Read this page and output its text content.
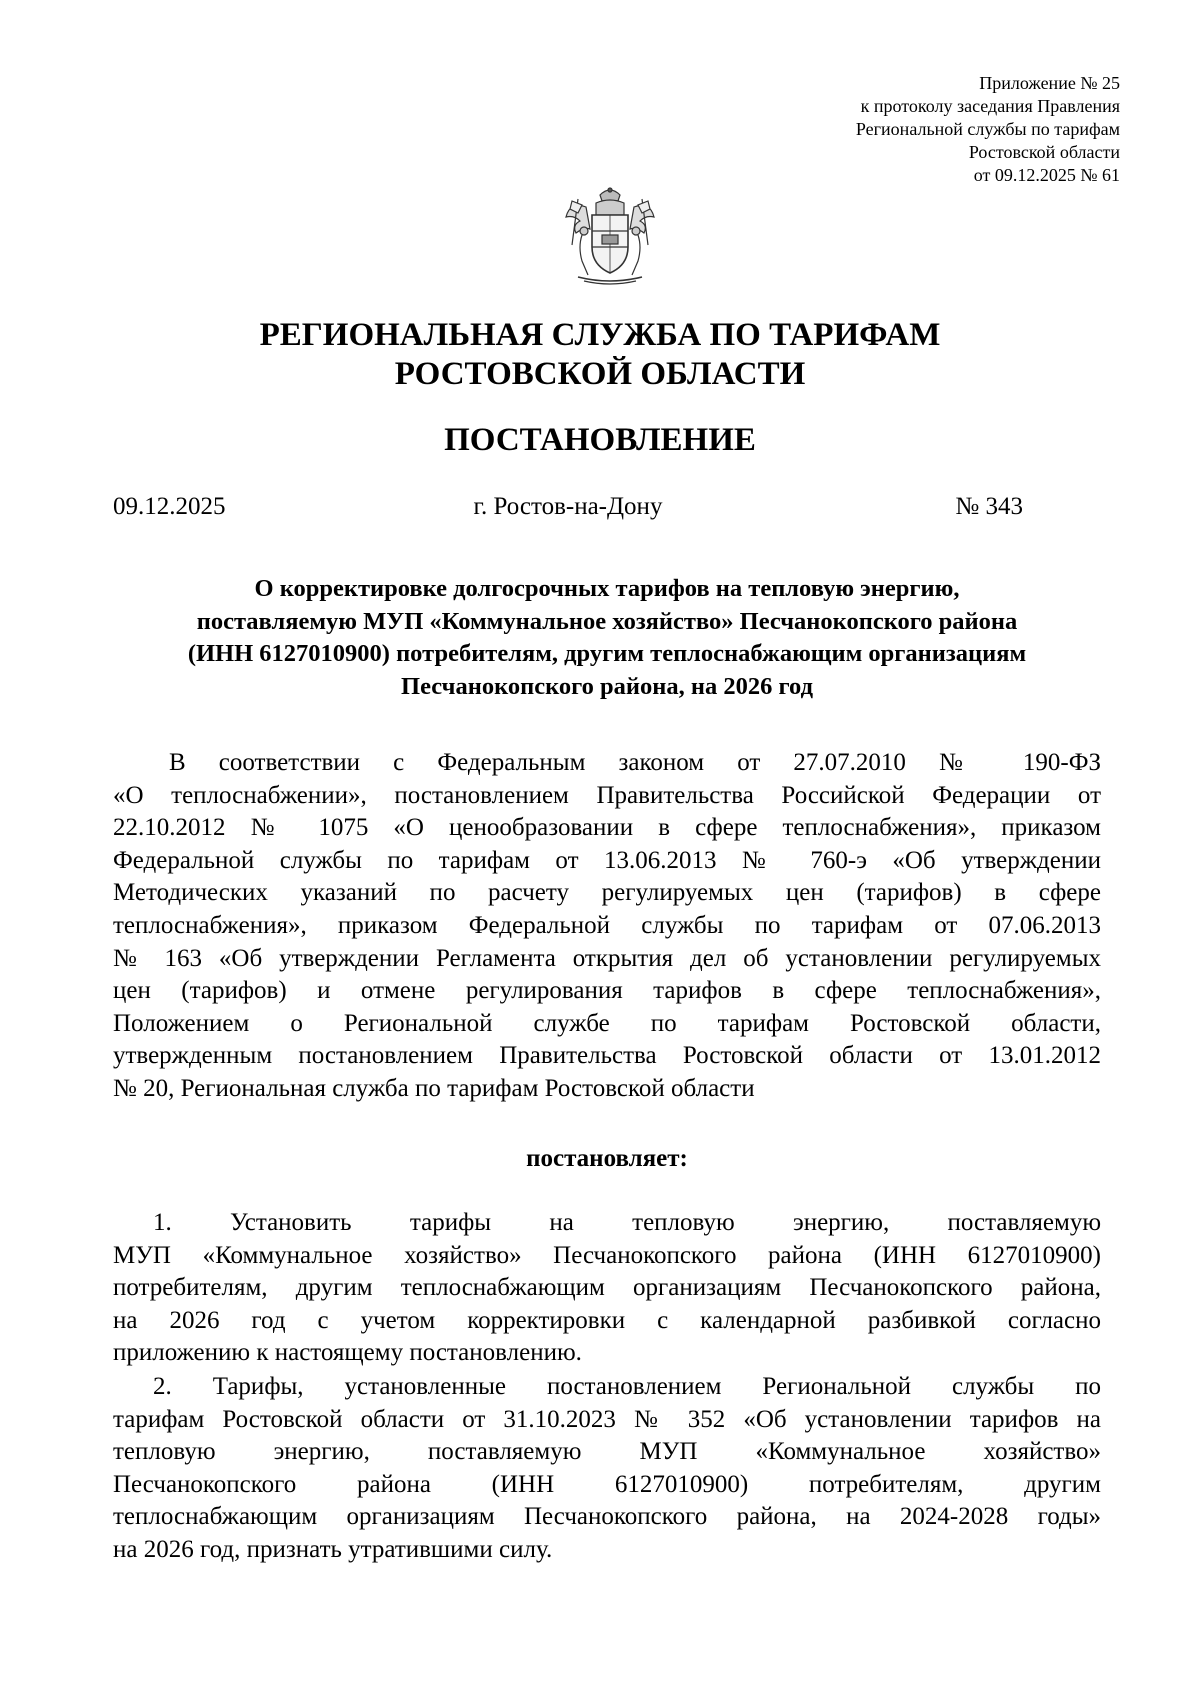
Приложение № 25
к протоколу заседания Правления
Региональной службы по тарифам
Ростовской области
от 09.12.2025 № 61
РЕГИОНАЛЬНАЯ СЛУЖБА ПО ТАРИФАМ
РОСТОВСКОЙ ОБЛАСТИ
ПОСТАНОВЛЕНИЕ
09.12.2025	г. Ростов-на-Дону	№ 343
О корректировке долгосрочных тарифов на тепловую энергию,
поставляемую МУП «Коммунальное хозяйство» Песчанокопского района
(ИНН 6127010900) потребителям, другим теплоснабжающим организациям
Песчанокопского района, на 2026 год
В соответствии с Федеральным законом от 27.07.2010 № 190-ФЗ
«О теплоснабжении», постановлением Правительства Российской Федерации от
22.10.2012 № 1075 «О ценообразовании в сфере теплоснабжения», приказом
Федеральной службы по тарифам от 13.06.2013 № 760-э «Об утверждении
Методических указаний по расчету регулируемых цен (тарифов) в сфере
теплоснабжения», приказом Федеральной службы по тарифам от 07.06.2013
№ 163 «Об утверждении Регламента открытия дел об установлении регулируемых
цен (тарифов) и отмене регулирования тарифов в сфере теплоснабжения»,
Положением о Региональной службе по тарифам Ростовской области,
утвержденным постановлением Правительства Ростовской области от 13.01.2012
№ 20, Региональная служба по тарифам Ростовской области
постановляет:
1. Установить тарифы на тепловую энергию, поставляемую
МУП «Коммунальное хозяйство» Песчанокопского района (ИНН 6127010900)
потребителям, другим теплоснабжающим организациям Песчанокопского района,
на 2026 год с учетом корректировки с календарной разбивкой согласно
приложению к настоящему постановлению.
2. Тарифы, установленные постановлением Региональной службы по
тарифам Ростовской области от 31.10.2023 № 352 «Об установлении тарифов на
тепловую энергию, поставляемую МУП «Коммунальное хозяйство»
Песчанокопского района (ИНН 6127010900) потребителям, другим
теплоснабжающим организациям Песчанокопского района, на 2024-2028 годы»
на 2026 год, признать утратившими силу.
